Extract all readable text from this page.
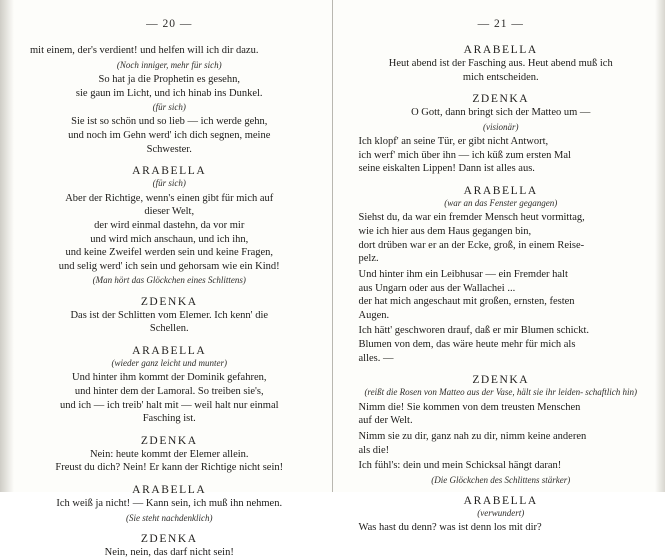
— 20 —

mit einem, der's verdient! und helfen will ich dir dazu.

(Noch inniger, mehr für sich)

So hat ja die Prophetin es gesehn,

sie gaun im Licht, und ich hinab ins Dunkel.

(für sich)

Sie ist so schön und so lieb — ich werde gehn,

und noch im Gehn werd' ich dich segnen, meine

Schwester.

ARABELLA
(für sich)

Aber der Richtige, wenn's einen gibt für mich auf

dieser Welt,

der wird einmal dastehn, da vor mir

und wird mich anschaun, und ich ihn,

und keine Zweifel werden sein und keine Fragen,

und selig werd' ich sein und gehorsam wie ein Kind!

(Man hört das Glöckchen eines Schlittens)
ZDENKA

Das ist der Schlitten vom Elemer. Ich kenn' die

Schellen.

ARABELLA
(wieder ganz leicht und munter)

Und hinter ihm kommt der Dominik gefahren,

und hinter dem der Lamoral. So treiben sie's,

und ich — ich treib' halt mit — weil halt nur einmal

Fasching ist.

ZDENKA

Nein: heute kommt der Elemer allein.

Freust du dich? Nein! Er kann der Richtige nicht sein!

ARABELLA

Ich weiß ja nicht! — Kann sein, ich muß ihn nehmen.

(Sie steht nachdenklich)
ZDENKA

Nein, nein, das darf nicht sein!

— 21 —
ARABELLA

Heut abend ist der Fasching aus. Heut abend muß ich

mich entscheiden.

ZDENKA

O Gott, dann bringt sich der Matteo um —

(visionär)

Ich klopf' an seine Tür, er gibt nicht Antwort,

ich werf' mich über ihn — ich küß zum ersten Mal

seine eiskalten Lippen! Dann ist alles aus.

ARABELLA
(war an das Fenster gegangen)

Siehst du, da war ein fremder Mensch heut vormittag,

wie ich hier aus dem Haus gegangen bin,

dort drüben war er an der Ecke, groß, in einem Reise-

pelz.

Und hinter ihm ein Leibhusar — ein Fremder halt

aus Ungarn oder aus der Wallachei ...

der hat mich angeschaut mit großen, ernsten, festen

Augen.

Ich hätt' geschworen drauf, daß er mir Blumen schickt.

Blumen von dem, das wäre heute mehr für mich als

alles. —

ZDENKA
(reißt die Rosen von Matteo aus der Vase, hält sie ihr leiden- schaftlich hin)

Nimm die! Sie kommen von dem treusten Menschen

auf der Welt.

Nimm sie zu dir, ganz nah zu dir, nimm keine anderen

als die!

Ich fühl's: dein und mein Schicksal hängt daran!

(Die Glöckchen des Schlittens stärker)
ARABELLA
(verwundert)

Was hast du denn? was ist denn los mit dir?
